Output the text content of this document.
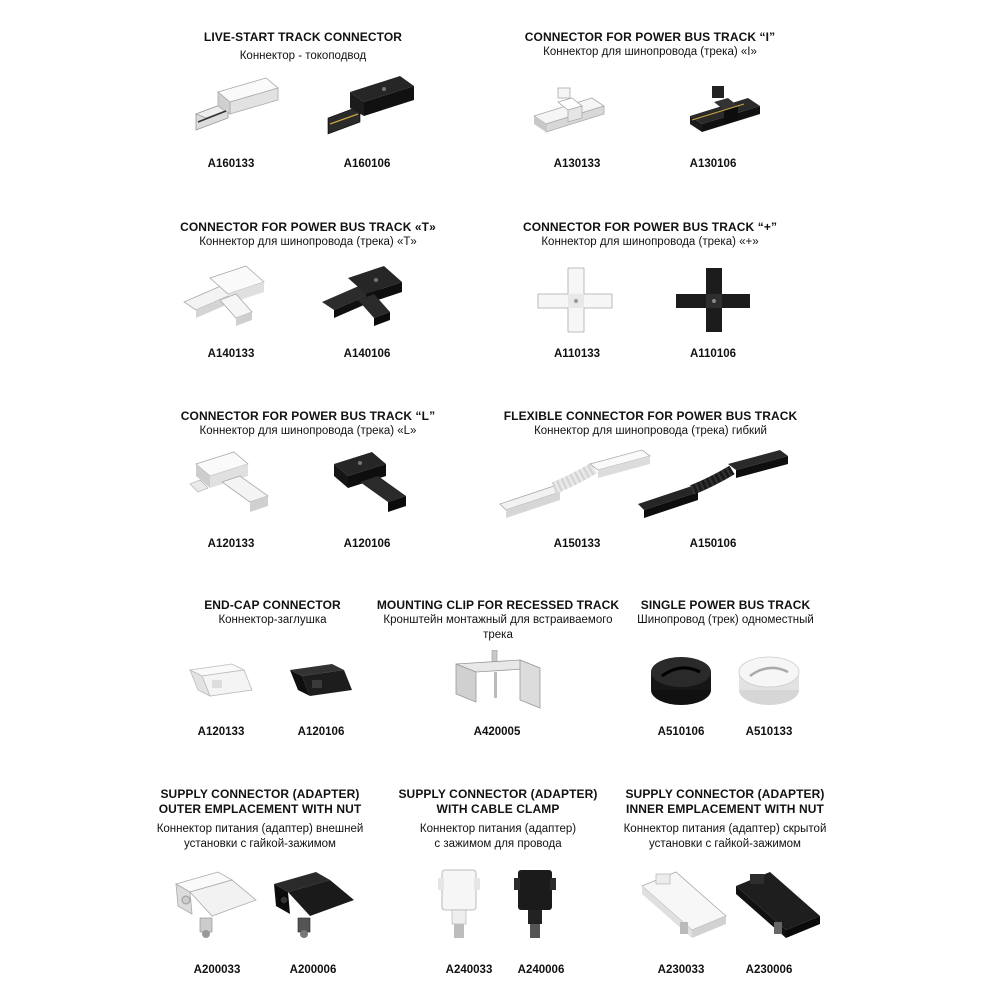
LIVE-START TRACK CONNECTOR
Коннектор - токоподвод
A160133	A160106
CONNECTOR FOR POWER BUS TRACK “I”
Коннектор для шинопровода (трека) «I»
A130133	A130106
CONNECTOR FOR POWER BUS TRACK «T»
Коннектор для шинопровода (трека) «T»
A140133	A140106
CONNECTOR FOR POWER BUS TRACK “+”
Коннектор для шинопровода (трека) «+»
A110133	A110106
CONNECTOR FOR POWER BUS TRACK “L”
Коннектор для шинопровода (трека) «L»
A120133	A120106
FLEXIBLE CONNECTOR FOR POWER BUS TRACK
Коннектор для шинопровода (трека) гибкий
A150133	A150106
END-CAP CONNECTOR
Коннектор-заглушка
A120133	A120106
MOUNTING CLIP FOR RECESSED TRACK
Кронштейн монтажный для встраиваемого трека
A420005
SINGLE POWER BUS TRACK
Шинопровод (трек) одноместный
A510106	A510133
SUPPLY CONNECTOR (ADAPTER)
OUTER EMPLACEMENT WITH NUT
Коннектор питания (адаптер) внешней
установки с гайкой-зажимом
A200033	A200006
SUPPLY CONNECTOR (ADAPTER)
WITH CABLE CLAMP
Коннектор питания (адаптер)
с зажимом для провода
A240033	A240006
SUPPLY CONNECTOR (ADAPTER)
INNER EMPLACEMENT WITH NUT
Коннектор питания (адаптер) скрытой
установки с гайкой-зажимом
A230033	A230006
